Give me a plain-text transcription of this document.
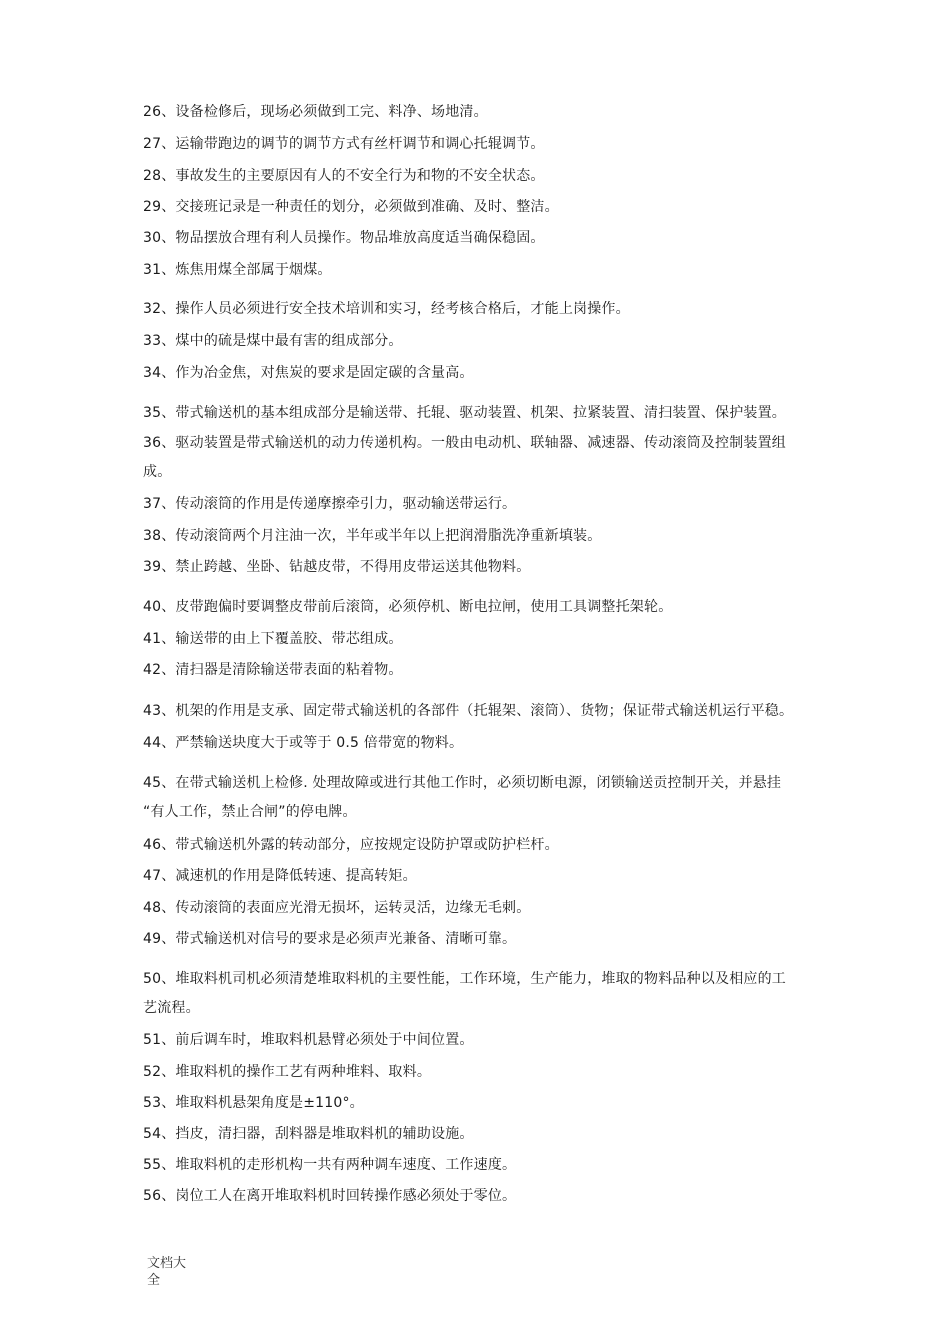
26、设备检修后，现场必须做到工完、料净、场地清。
27、运输带跑边的调节的调节方式有丝杆调节和调心托辊调节。
28、事故发生的主要原因有人的不安全行为和物的不安全状态。
29、交接班记录是一种责任的划分，必须做到准确、及时、整洁。
30、物品摆放合理有利人员操作。物品堆放高度适当确保稳固。
31、炼焦用煤全部属于烟煤。
32、操作人员必须进行安全技术培训和实习，经考核合格后，才能上岗操作。
33、煤中的硫是煤中最有害的组成部分。
34、作为冶金焦，对焦炭的要求是固定碳的含量高。
35、带式输送机的基本组成部分是输送带、托辊、驱动装置、机架、拉紧装置、清扫装置、保护装置。
36、驱动装置是带式输送机的动力传递机构。一般由电动机、联轴器、减速器、传动滚筒及控制装置组
成。
37、传动滚筒的作用是传递摩擦牵引力，驱动输送带运行。
38、传动滚筒两个月注油一次，半年或半年以上把润滑脂洗净重新填装。
39、禁止跨越、坐卧、钻越皮带，不得用皮带运送其他物料。
40、皮带跑偏时要调整皮带前后滚筒，必须停机、断电拉闸，使用工具调整托架轮。
41、输送带的由上下覆盖胶、带芯组成。
42、清扫器是清除输送带表面的粘着物。
43、机架的作用是支承、固定带式输送机的各部件（托辊架、滚筒）、货物；保证带式输送机运行平稳。
44、严禁输送块度大于或等于 0.5 倍带宽的物料。
45、在带式输送机上检修. 处理故障或进行其他工作时，必须切断电源，闭锁输送贡控制开关，并悬挂
“有人工作，禁止合闸”的停电牌。
46、带式输送机外露的转动部分，应按规定设防护罩或防护栏杆。
47、减速机的作用是降低转速、提高转矩。
48、传动滚筒的表面应光滑无损坏，运转灵活，边缘无毛刺。
49、带式输送机对信号的要求是必须声光兼备、清晰可靠。
50、堆取料机司机必须清楚堆取料机的主要性能，工作环境，生产能力，堆取的物料品种以及相应的工
艺流程。
51、前后调车时，堆取料机悬臂必须处于中间位置。
52、堆取料机的操作工艺有两种堆料、取料。
53、堆取料机悬架角度是±110°。
54、挡皮，清扫器，刮料器是堆取料机的辅助设施。
55、堆取料机的走形机构一共有两种调车速度、工作速度。
56、岗位工人在离开堆取料机时回转操作感必须处于零位。
文档大全
